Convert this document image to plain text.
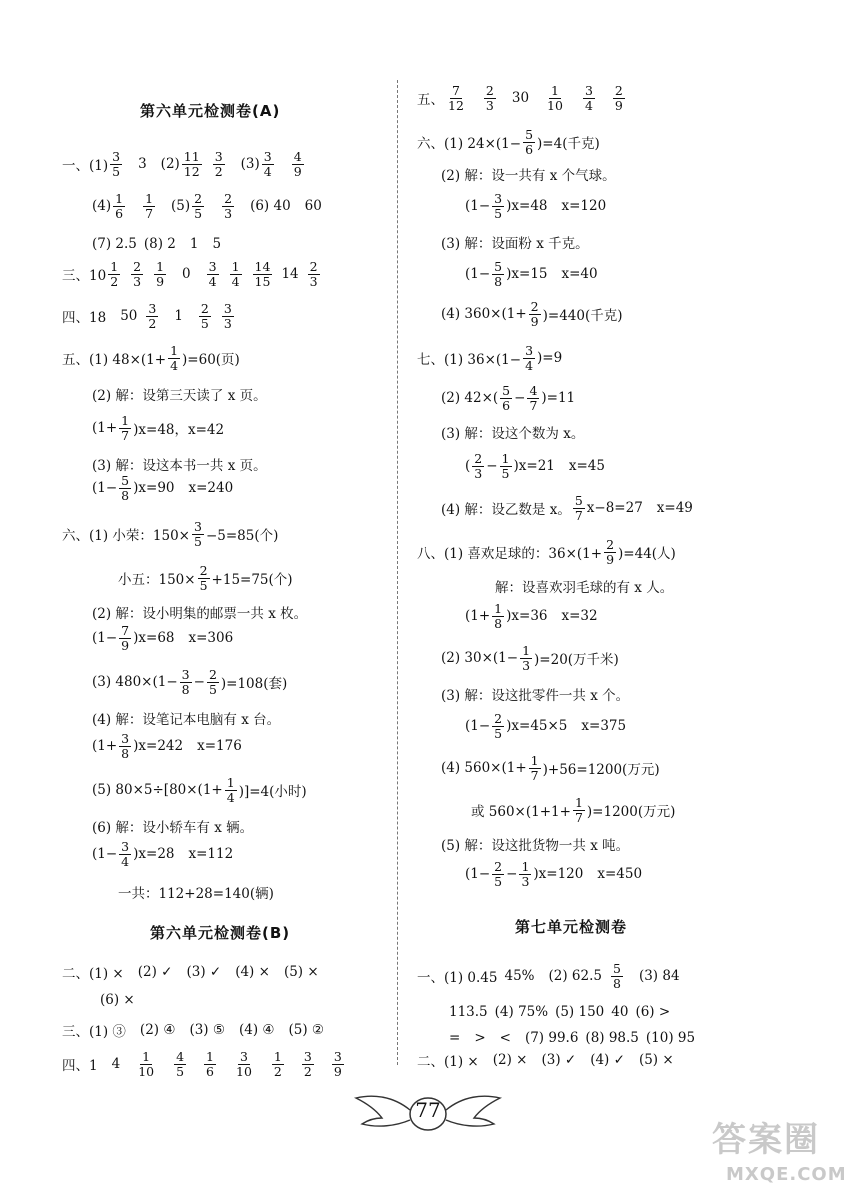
第六单元检测卷(A)
一、$(1) \frac{3}{5} 3$ $(2) \frac{11}{12} \frac{3}{2} (3) \frac{3}{4} \frac{4}{9}$
$(4) \frac{1}{6} \frac{1}{7} (5) \frac{2}{5} \frac{2}{3} (6)$ 40 60
(7) 2.5 (8) 2 1 5
三、$10 \frac{1}{2} \frac{2}{3} \frac{1}{9} 0 \frac{3}{4} \frac{1}{4} \frac{14}{15} 14 \frac{2}{3}$
四、18 $50 \frac{3}{2} 1 \frac{2}{5} \frac{3}{3}$
五、(1) $48\times(1+ \frac{1}{4} )=60$(页)
(2) 解：设第三天读了 x 页。
$(1+ \frac{1}{7} )x=48$，x=42
(3) 解：设这本书一共 x 页。
$(1- \frac{5}{8} )x=90$ x=240
六、(1) 小荣：$150\times \frac{3}{5} -5=85$(个)
小五：$150\times \frac{2}{5} +15=75$(个)
(2) 解：设小明集的邮票一共 x 枚。
$(1- \frac{7}{9} )x=68$ x=306
(3) $480\times(1- \frac{3}{8} - \frac{2}{5} )=108$(套)
(4) 解：设笔记本电脑有 x 台。
$(1+ \frac{3}{8} )x=242$ x=176
(5) $80\times 5\div[80\times(1+ \frac{1}{4} )]=4$(小时)
(6) 解：设小轿车有 x 辆。
$(1- \frac{3}{4} )x=28$ x=112
一共：112+28=140(辆)
第六单元检测卷(B)
二、(1) × (2) ✓ (3) ✓ (4) × (5) ×
(6) ×
三、(1) ③ (2) ④ (3) ⑤ (4) ④ (5) ②
四、1 $4 \frac{1}{10} \frac{4}{5} \frac{1}{6} \frac{3}{10} \frac{1}{2} \frac{3}{2} \frac{3}{9}$
五、 $\frac{7}{12} \frac{2}{3} 30 \frac{1}{10} \frac{3}{4} \frac{2}{9}$
六、(1) $24\times(1- \frac{5}{6} )=4$(千克)
(2) 解：设一共有 x 个气球。
$(1- \frac{3}{5} )x=48$ x=120
(3) 解：设面粉 x 千克。
$(1- \frac{5}{8} )x=15$ x=40
(4) $360\times(1+ \frac{2}{9} )=440$(千克)
七、(1) $36\times(1- \frac{3}{4} )=9$
(2) $42\times( \frac{5}{6} - \frac{4}{7} )=11$
(3) 解：设这个数为 x。
( $\frac{2}{3} - \frac{1}{5} )x=21$ x=45
(4) 解：设乙数是 x。 $\frac{5}{7} x-8=27$ x=49
八、(1) 喜欢足球的：$36\times(1+ \frac{2}{9} )=44$(人)
解：设喜欢羽毛球的有 x 人。
$(1+ \frac{1}{8} )x=36$ x=32
(2) $30\times(1- \frac{1}{3} )=20$(万千米)
(3) 解：设这批零件一共 x 个。
$(1- \frac{2}{5} )x=45\times 5$ x=375
(4) $560\times(1+ \frac{1}{7} )+56=1200$(万元)
或 $560\times(1+1+ \frac{1}{7} )=1200$(万元)
(5) 解：设这批货物一共 x 吨。
$(1- \frac{2}{5} - \frac{1}{3} )x=120$ x=450
第七单元检测卷
一、(1) 0.45 45% (2) $62.5 \frac{5}{8} (3)$ 84
113.5 (4) 75% (5) 150 40 (6) >
= > < (7) 99.6 (8) 98.5 (10) 95
二、(1) × (2) × (3) ✓ (4) ✓ (5) ×
77
答案圈
MXQE.COM
